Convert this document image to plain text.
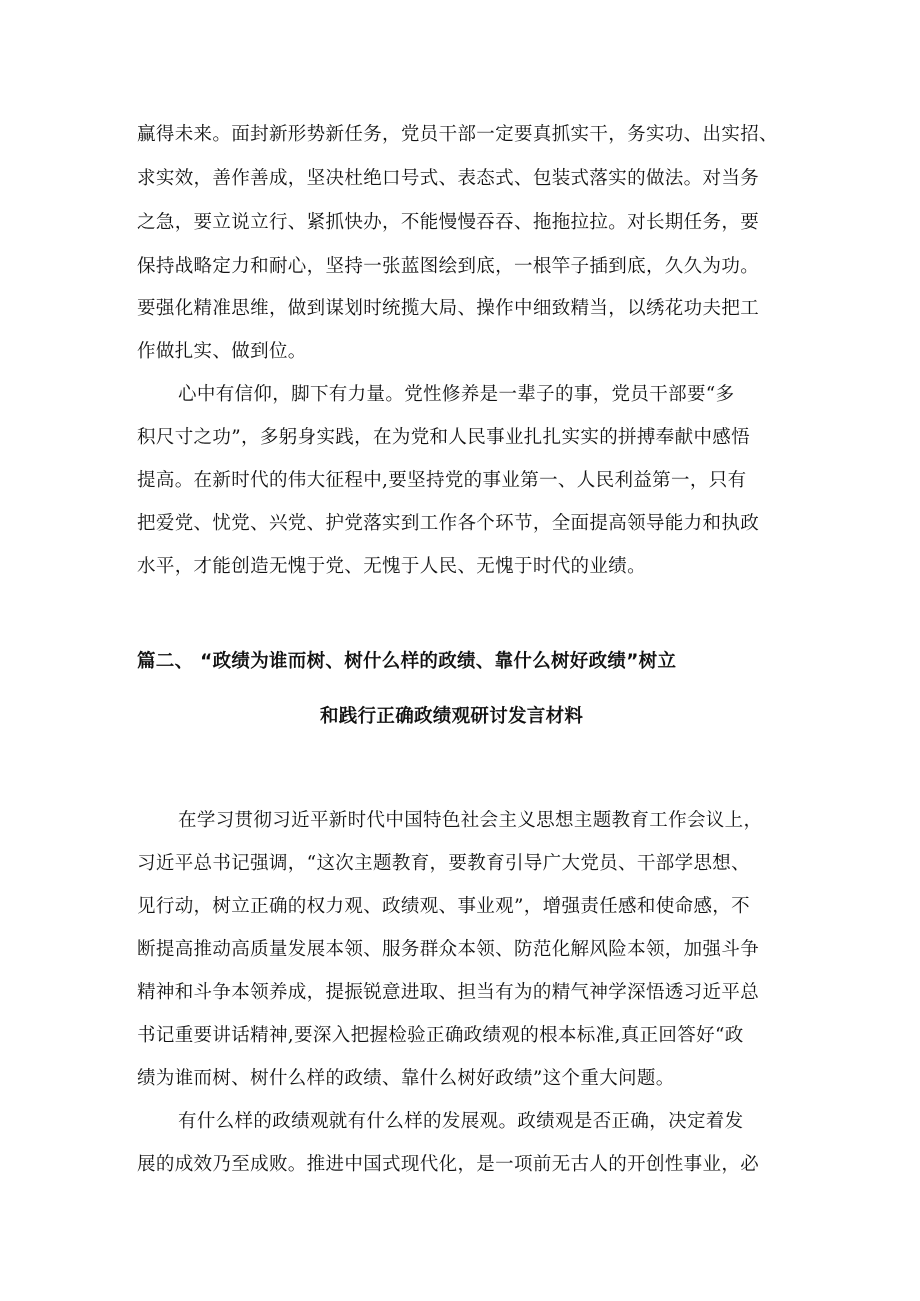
赢得未来。面封新形势新任务，党员干部一定要真抓实干，务实功、出实招、
求实效，善作善成，坚决杜绝口号式、表态式、包装式落实的做法。对当务
之急，要立说立行、紧抓快办，不能慢慢吞吞、拖拖拉拉。对长期任务，要
保持战略定力和耐心，坚持一张蓝图绘到底，一根竿子插到底，久久为功。
要强化精准思维，做到谋划时统揽大局、操作中细致精当，以绣花功夫把工
作做扎实、做到位。
心中有信仰，脚下有力量。党性修养是一辈子的事，党员干部要“多
积尺寸之功”，多躬身实践，在为党和人民事业扎扎实实的拼搏奉献中感悟
提高。在新时代的伟大征程中,要坚持党的事业第一、人民利益第一，只有
把爱党、忧党、兴党、护党落实到工作各个环节，全面提高领导能力和执政
水平，才能创造无愧于党、无愧于人民、无愧于时代的业绩。
篇二、 “政绩为谁而树、树什么样的政绩、靠什么树好政绩”树立
和践行正确政绩观研讨发言材料
在学习贯彻习近平新时代中国特色社会主义思想主题教育工作会议上，
习近平总书记强调，“这次主题教育，要教育引导广大党员、干部学思想、
见行动，树立正确的权力观、政绩观、事业观”，增强责任感和使命感，不
断提高推动高质量发展本领、服务群众本领、防范化解风险本领，加强斗争
精神和斗争本领养成，提振锐意进取、担当有为的精气神学深悟透习近平总
书记重要讲话精神,要深入把握检验正确政绩观的根本标准,真正回答好“政
绩为谁而树、树什么样的政绩、靠什么树好政绩”这个重大问题。
有什么样的政绩观就有什么样的发展观。政绩观是否正确，决定着发
展的成效乃至成败。推进中国式现代化，是一项前无古人的开创性事业，必
